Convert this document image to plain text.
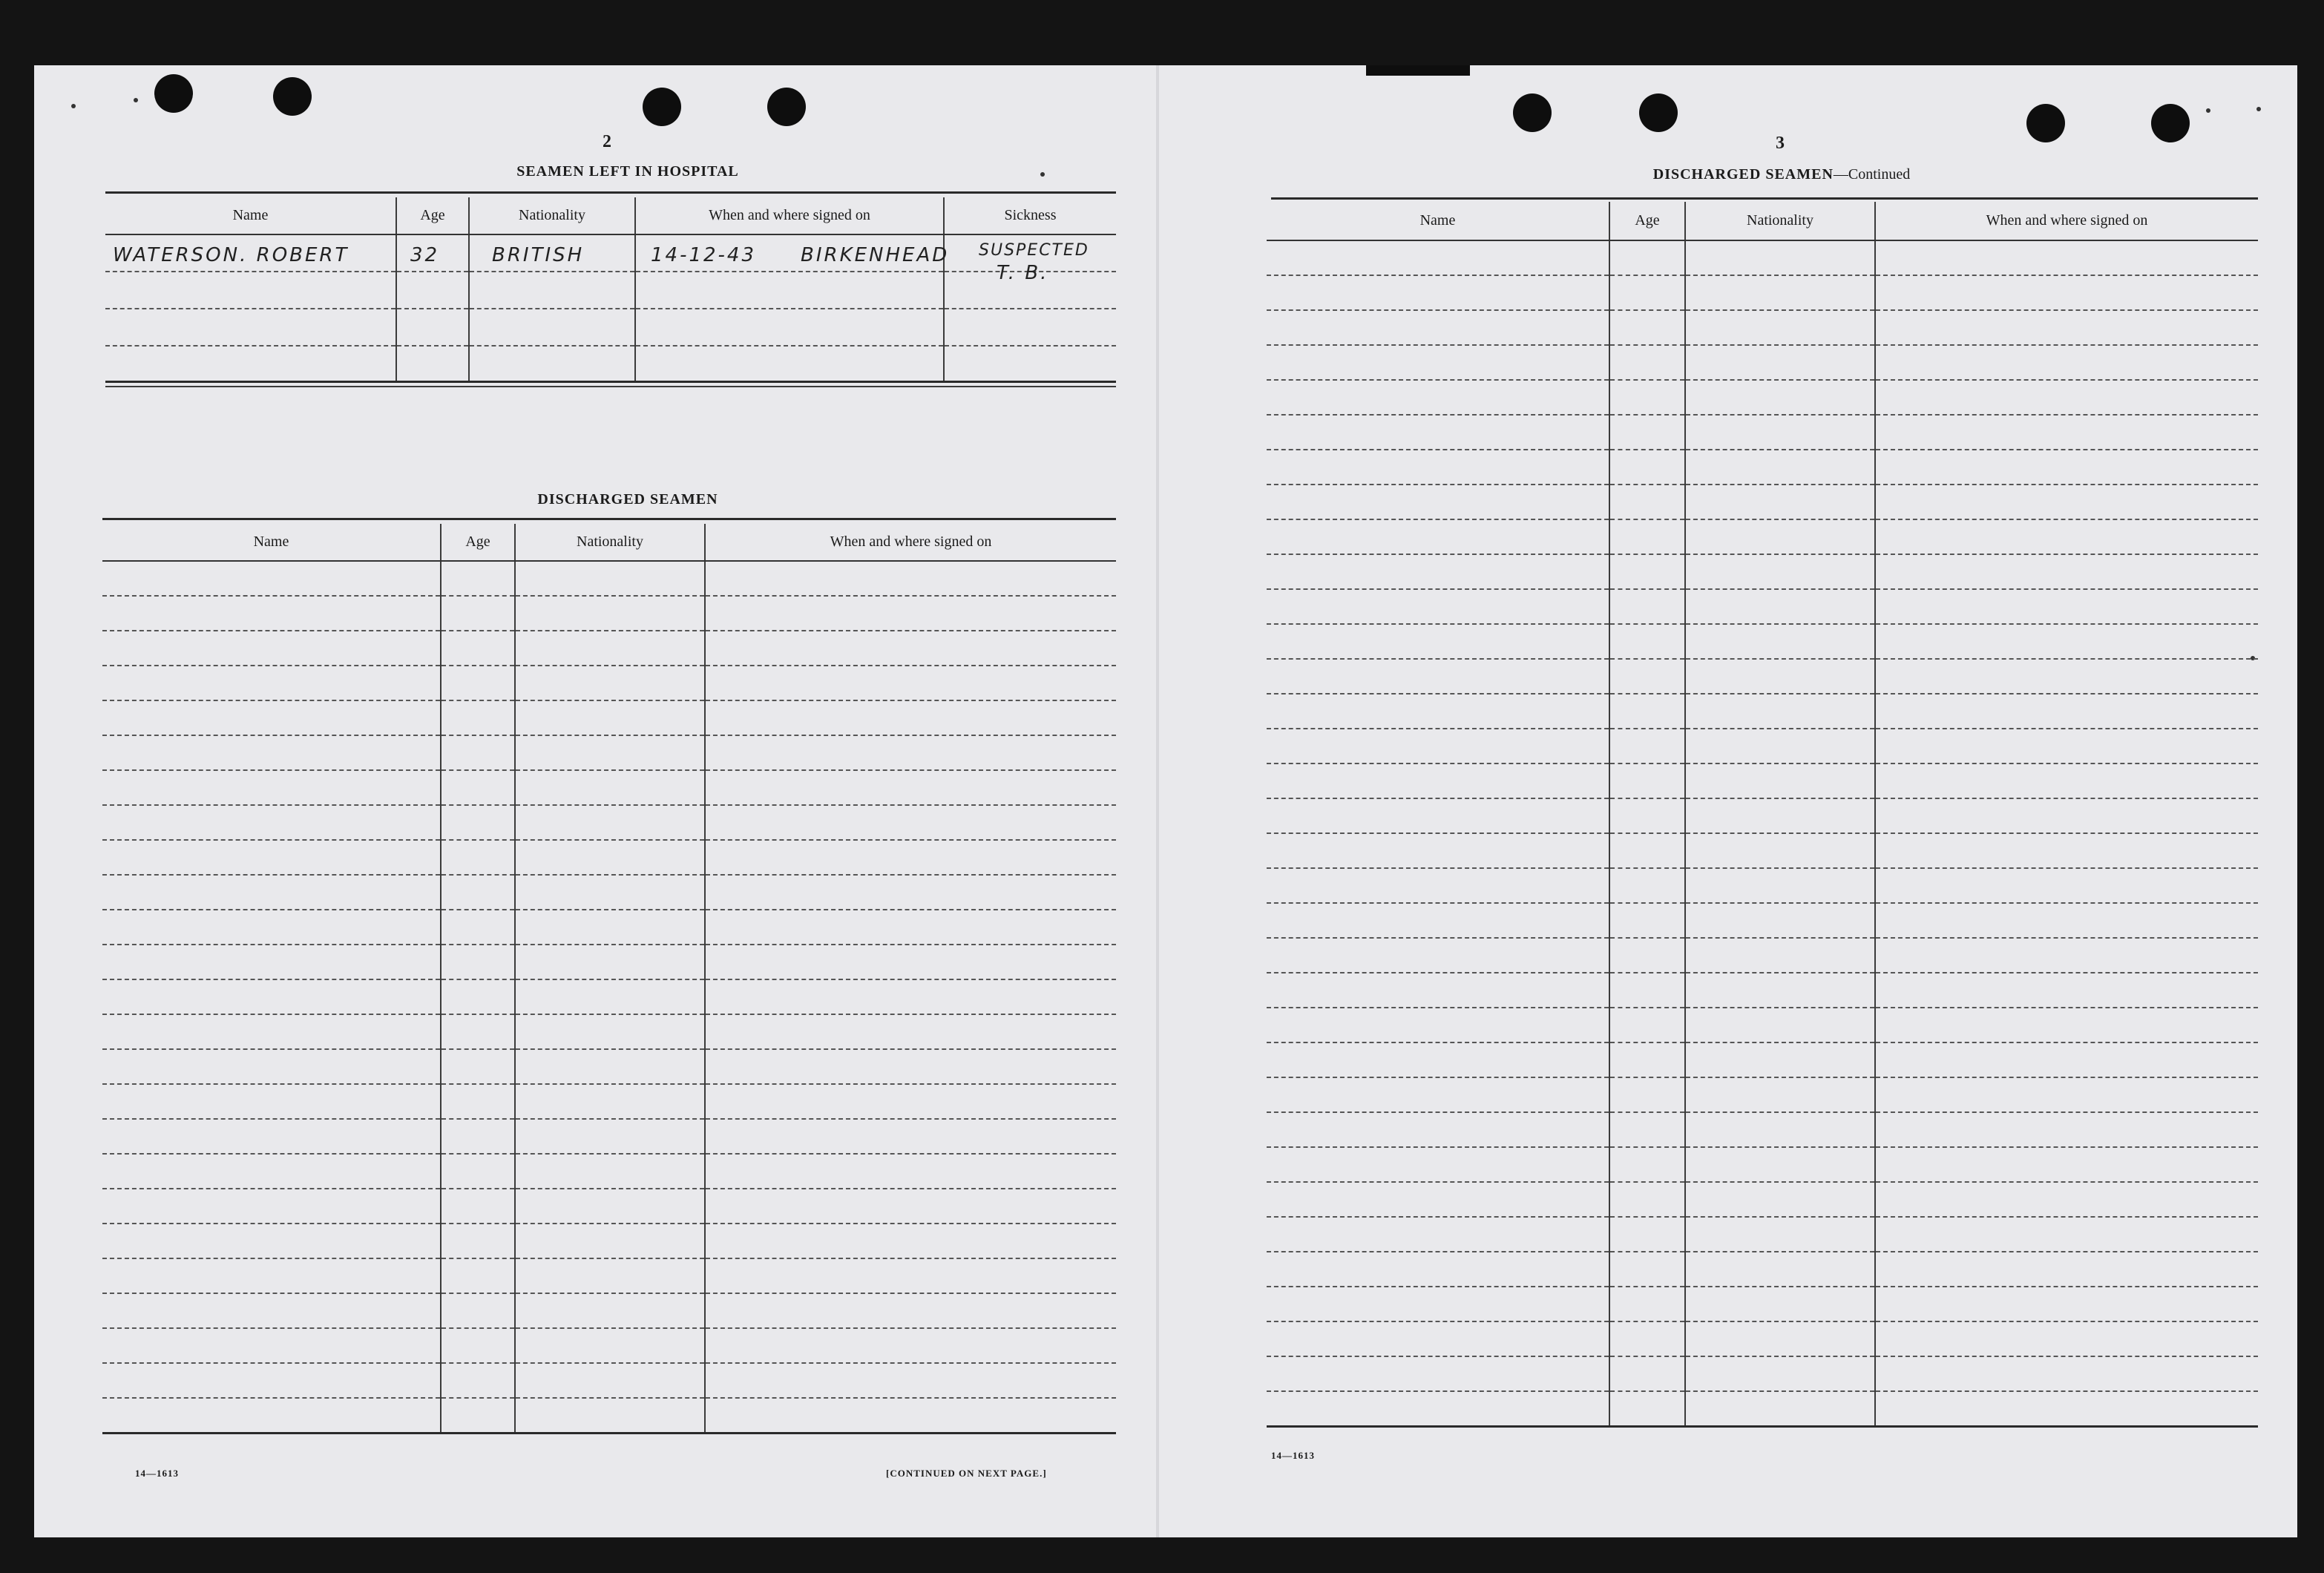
2
SEAMEN LEFT IN HOSPITAL
Name	Age	Nationality	When and where signed on	Sickness

WATERSON. ROBERT	32	BRITISH	14-12-43 BIRKENHEAD	SUSPECTED
T. B.

DISCHARGED SEAMEN
Name	Age	Nationality	When and where signed on

14—1613	[CONTINUED ON NEXT PAGE.]
3
DISCHARGED SEAMEN—Continued
Name	Age	Nationality	When and where signed on

14—1613
